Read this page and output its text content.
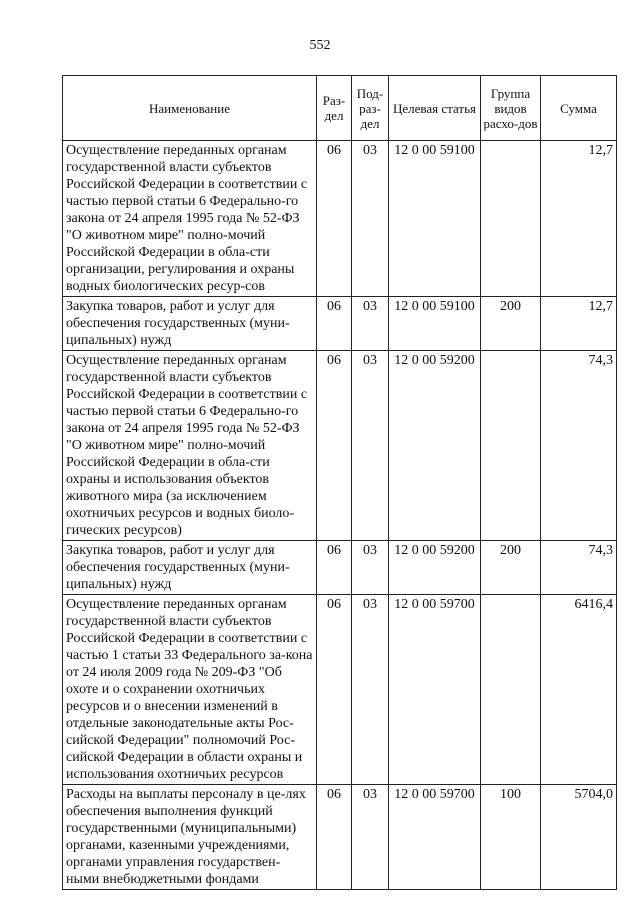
552
Наименование	Раз-дел	Под-раз-дел	Целевая статья	Группа видов расхо-дов	Сумма
Осуществление переданных органам государственной власти субъектов Российской Федерации в соответствии с частью первой статьи 6 Федерально-го закона от 24 апреля 1995 года № 52-ФЗ "О животном мире" полно-мочий Российской Федерации в обла-сти организации, регулирования и охраны водных биологических ресур-сов	06	03	12 0 00 59100		12,7
Закупка товаров, работ и услуг для обеспечения государственных (муни-ципальных) нужд	06	03	12 0 00 59100	200	12,7
Осуществление переданных органам государственной власти субъектов Российской Федерации в соответствии с частью первой статьи 6 Федерально-го закона от 24 апреля 1995 года № 52-ФЗ "О животном мире" полно-мочий Российской Федерации в обла-сти охраны и использования объектов животного мира (за исключением охотничьих ресурсов и водных биоло-гических ресурсов)	06	03	12 0 00 59200		74,3
Закупка товаров, работ и услуг для обеспечения государственных (муни-ципальных) нужд	06	03	12 0 00 59200	200	74,3
Осуществление переданных органам государственной власти субъектов Российской Федерации в соответствии с частью 1 статьи 33 Федерального за-кона от 24 июля 2009 года № 209-ФЗ "Об охоте и о сохранении охотничьих ресурсов и о внесении изменений в отдельные законодательные акты Рос-сийской Федерации" полномочий Рос-сийской Федерации в области охраны и использования охотничьих ресурсов	06	03	12 0 00 59700		6416,4
Расходы на выплаты персоналу в це-лях обеспечения выполнения функций государственными (муниципальными) органами, казенными учреждениями, органами управления государствен-ными внебюджетными фондами	06	03	12 0 00 59700	100	5704,0
